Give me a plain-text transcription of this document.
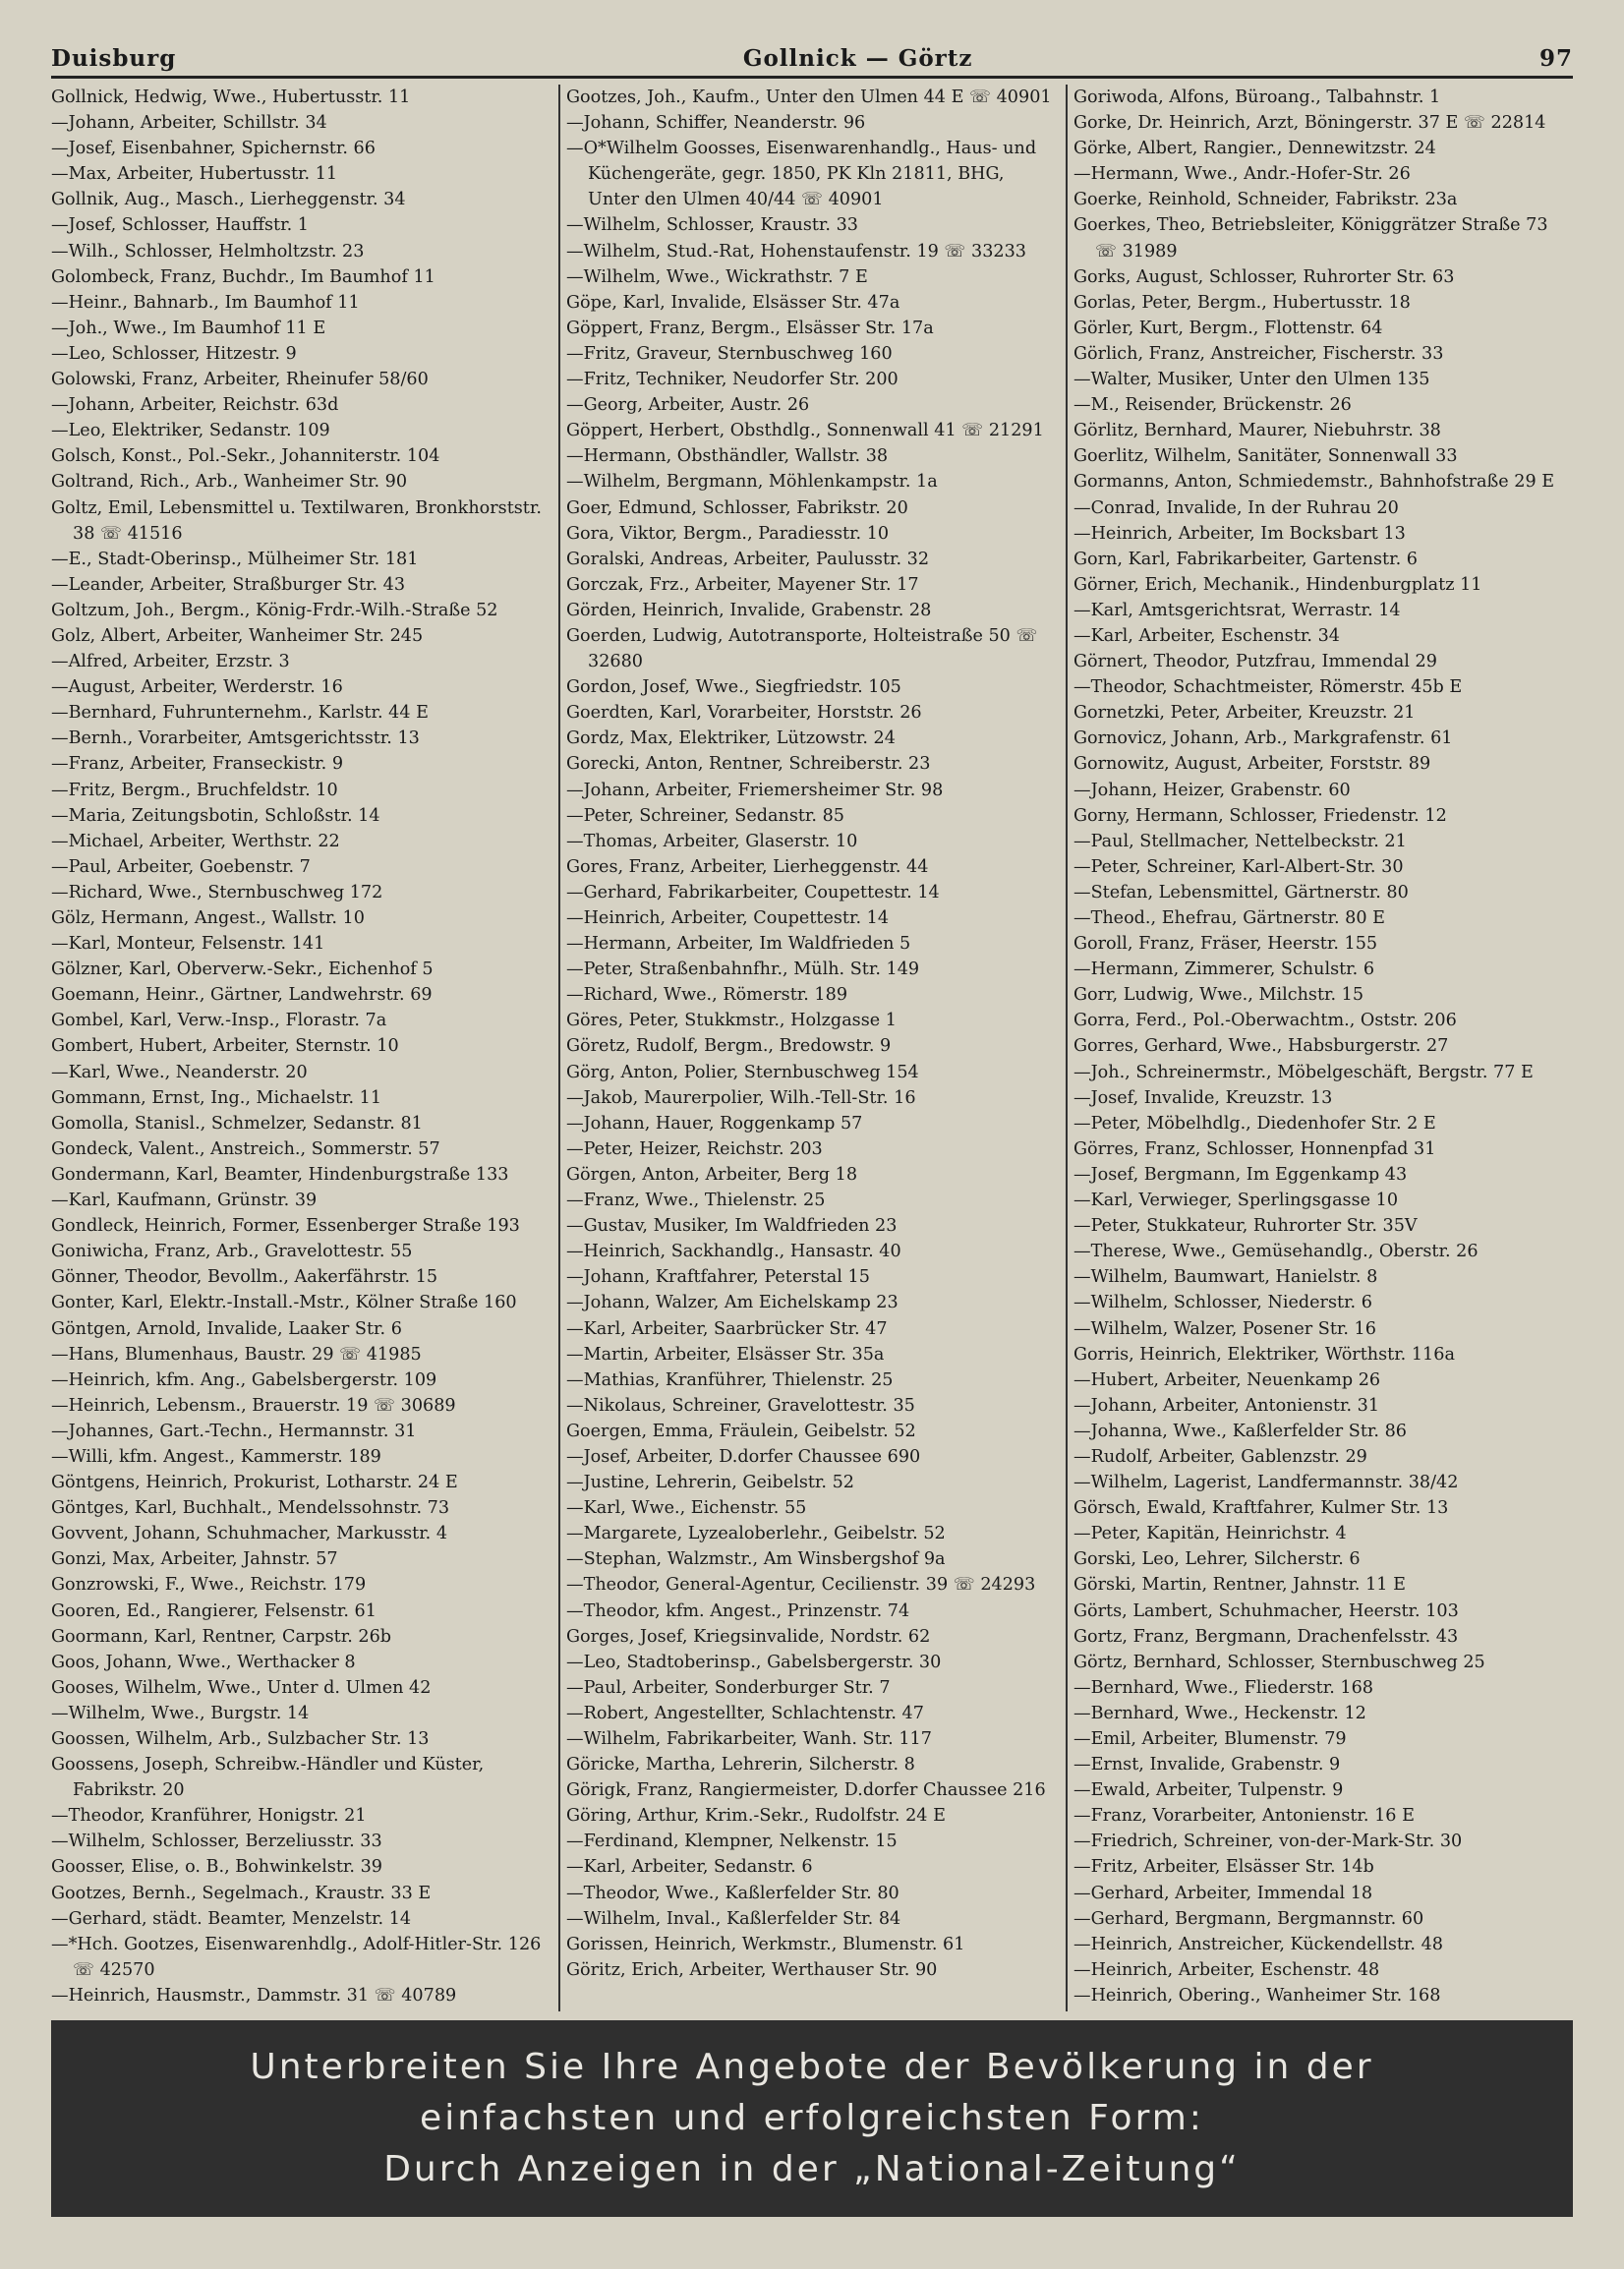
Duisburg	Gollnick — Görtz	97
Gollnick, Hedwig, Wwe., Hubertusstr. 11
—Johann, Arbeiter, Schillstr. 34
—Josef, Eisenbahner, Spichernstr. 66
—Max, Arbeiter, Hubertusstr. 11
Gollnik, Aug., Masch., Lierheggenstr. 34
—Josef, Schlosser, Hauffstr. 1
—Wilh., Schlosser, Helmholtzstr. 23
Golombeck, Franz, Buchdr., Im Baumhof 11
—Heinr., Bahnarb., Im Baumhof 11
—Joh., Wwe., Im Baumhof 11 E
—Leo, Schlosser, Hitzestr. 9
Golowski, Franz, Arbeiter, Rheinufer 58/60
—Johann, Arbeiter, Reichstr. 63d
—Leo, Elektriker, Sedanstr. 109
Golsch, Konst., Pol.-Sekr., Johanniterstr. 104
Goltrand, Rich., Arb., Wanheimer Str. 90
Goltz, Emil, Lebensmittel u. Textilwaren, Bronkhorststr. 38 ☏ 41516
—E., Stadt-Oberinsp., Mülheimer Str. 181
—Leander, Arbeiter, Straßburger Str. 43
Goltzum, Joh., Bergm., König-Frdr.-Wilh.-Straße 52
Golz, Albert, Arbeiter, Wanheimer Str. 245
—Alfred, Arbeiter, Erzstr. 3
—August, Arbeiter, Werderstr. 16
—Bernhard, Fuhrunternehm., Karlstr. 44 E
—Bernh., Vorarbeiter, Amtsgerichtsstr. 13
—Franz, Arbeiter, Franseckistr. 9
—Fritz, Bergm., Bruchfeldstr. 10
—Maria, Zeitungsbotin, Schloßstr. 14
—Michael, Arbeiter, Werthstr. 22
—Paul, Arbeiter, Goebenstr. 7
—Richard, Wwe., Sternbuschweg 172
Gölz, Hermann, Angest., Wallstr. 10
—Karl, Monteur, Felsenstr. 141
Gölzner, Karl, Oberverw.-Sekr., Eichenhof 5
Goemann, Heinr., Gärtner, Landwehrstr. 69
Gombel, Karl, Verw.-Insp., Florastr. 7a
Gombert, Hubert, Arbeiter, Sternstr. 10
—Karl, Wwe., Neanderstr. 20
Gommann, Ernst, Ing., Michaelstr. 11
Gomolla, Stanisl., Schmelzer, Sedanstr. 81
Gondeck, Valent., Anstreich., Sommerstr. 57
Gondermann, Karl, Beamter, Hindenburgstraße 133
—Karl, Kaufmann, Grünstr. 39
Gondleck, Heinrich, Former, Essenberger Straße 193
Goniwicha, Franz, Arb., Gravelottestr. 55
Gönner, Theodor, Bevollm., Aakerfährstr. 15
Gonter, Karl, Elektr.-Install.-Mstr., Kölner Straße 160
Göntgen, Arnold, Invalide, Laaker Str. 6
—Hans, Blumenhaus, Baustr. 29 ☏ 41985
—Heinrich, kfm. Ang., Gabelsbergerstr. 109
—Heinrich, Lebensm., Brauerstr. 19 ☏ 30689
—Johannes, Gart.-Techn., Hermannstr. 31
—Willi, kfm. Angest., Kammerstr. 189
Göntgens, Heinrich, Prokurist, Lotharstr. 24 E
Göntges, Karl, Buchhalt., Mendelssohnstr. 73
Govvent, Johann, Schuhmacher, Markusstr. 4
Gonzi, Max, Arbeiter, Jahnstr. 57
Gonzrowski, F., Wwe., Reichstr. 179
Gooren, Ed., Rangierer, Felsenstr. 61
Goormann, Karl, Rentner, Carpstr. 26b
Goos, Johann, Wwe., Werthacker 8
Gooses, Wilhelm, Wwe., Unter d. Ulmen 42
—Wilhelm, Wwe., Burgstr. 14
Goossen, Wilhelm, Arb., Sulzbacher Str. 13
Goossens, Joseph, Schreibw.-Händler und Küster, Fabrikstr. 20
—Theodor, Kranführer, Honigstr. 21
—Wilhelm, Schlosser, Berzeliusstr. 33
Goosser, Elise, o. B., Bohwinkelstr. 39
Gootzes, Bernh., Segelmach., Kraustr. 33 E
—Gerhard, städt. Beamter, Menzelstr. 14
—*Hch. Gootzes, Eisenwarenhdlg., Adolf-Hitler-Str. 126 ☏ 42570
—Heinrich, Hausmstr., Dammstr. 31 ☏ 40789
Gootzes, Joh., Kaufm., Unter den Ulmen 44 E ☏ 40901
—Johann, Schiffer, Neanderstr. 96
—O*Wilhelm Goosses, Eisenwarenhandlg., Haus- und Küchengeräte, gegr. 1850, PK Kln 21811, BHG, Unter den Ulmen 40/44 ☏ 40901
—Wilhelm, Schlosser, Kraustr. 33
—Wilhelm, Stud.-Rat, Hohenstaufenstr. 19 ☏ 33233
—Wilhelm, Wwe., Wickrathstr. 7 E
Göpe, Karl, Invalide, Elsässer Str. 47a
Göppert, Franz, Bergm., Elsässer Str. 17a
—Fritz, Graveur, Sternbuschweg 160
—Fritz, Techniker, Neudorfer Str. 200
—Georg, Arbeiter, Austr. 26
Göppert, Herbert, Obsthdlg., Sonnenwall 41 ☏ 21291
—Hermann, Obsthändler, Wallstr. 38
—Wilhelm, Bergmann, Möhlenkampstr. 1a
Goer, Edmund, Schlosser, Fabrikstr. 20
Gora, Viktor, Bergm., Paradiesstr. 10
Goralski, Andreas, Arbeiter, Paulusstr. 32
Gorczak, Frz., Arbeiter, Mayener Str. 17
Görden, Heinrich, Invalide, Grabenstr. 28
Goerden, Ludwig, Autotransporte, Holteistraße 50 ☏ 32680
Gordon, Josef, Wwe., Siegfriedstr. 105
Goerdten, Karl, Vorarbeiter, Horststr. 26
Gordz, Max, Elektriker, Lützowstr. 24
Gorecki, Anton, Rentner, Schreiberstr. 23
—Johann, Arbeiter, Friemersheimer Str. 98
—Peter, Schreiner, Sedanstr. 85
—Thomas, Arbeiter, Glaserstr. 10
Gores, Franz, Arbeiter, Lierheggenstr. 44
—Gerhard, Fabrikarbeiter, Coupettestr. 14
—Heinrich, Arbeiter, Coupettestr. 14
—Hermann, Arbeiter, Im Waldfrieden 5
—Peter, Straßenbahnfhr., Mülh. Str. 149
—Richard, Wwe., Römerstr. 189
Göres, Peter, Stukkmstr., Holzgasse 1
Göretz, Rudolf, Bergm., Bredowstr. 9
Görg, Anton, Polier, Sternbuschweg 154
—Jakob, Maurerpolier, Wilh.-Tell-Str. 16
—Johann, Hauer, Roggenkamp 57
—Peter, Heizer, Reichstr. 203
Görgen, Anton, Arbeiter, Berg 18
—Franz, Wwe., Thielenstr. 25
—Gustav, Musiker, Im Waldfrieden 23
—Heinrich, Sackhandlg., Hansastr. 40
—Johann, Kraftfahrer, Peterstal 15
—Johann, Walzer, Am Eichelskamp 23
—Karl, Arbeiter, Saarbrücker Str. 47
—Martin, Arbeiter, Elsässer Str. 35a
—Mathias, Kranführer, Thielenstr. 25
—Nikolaus, Schreiner, Gravelottestr. 35
Goergen, Emma, Fräulein, Geibelstr. 52
—Josef, Arbeiter, D.dorfer Chaussee 690
—Justine, Lehrerin, Geibelstr. 52
—Karl, Wwe., Eichenstr. 55
—Margarete, Lyzealoberlehr., Geibelstr. 52
—Stephan, Walzmstr., Am Winsbergshof 9a
—Theodor, General-Agentur, Cecilienstr. 39 ☏ 24293
—Theodor, kfm. Angest., Prinzenstr. 74
Gorges, Josef, Kriegsinvalide, Nordstr. 62
—Leo, Stadtoberinsp., Gabelsbergerstr. 30
—Paul, Arbeiter, Sonderburger Str. 7
—Robert, Angestellter, Schlachtenstr. 47
—Wilhelm, Fabrikarbeiter, Wanh. Str. 117
Göricke, Martha, Lehrerin, Silcherstr. 8
Görigk, Franz, Rangiermeister, D.dorfer Chaussee 216
Göring, Arthur, Krim.-Sekr., Rudolfstr. 24 E
—Ferdinand, Klempner, Nelkenstr. 15
—Karl, Arbeiter, Sedanstr. 6
—Theodor, Wwe., Kaßlerfelder Str. 80
—Wilhelm, Inval., Kaßlerfelder Str. 84
Gorissen, Heinrich, Werkmstr., Blumenstr. 61
Göritz, Erich, Arbeiter, Werthauser Str. 90
Goriwoda, Alfons, Büroang., Talbahnstr. 1
Gorke, Dr. Heinrich, Arzt, Böningerstr. 37 E ☏ 22814
Görke, Albert, Rangier., Dennewitzstr. 24
—Hermann, Wwe., Andr.-Hofer-Str. 26
Goerke, Reinhold, Schneider, Fabrikstr. 23a
Goerkes, Theo, Betriebsleiter, Königgrätzer Straße 73 ☏ 31989
Gorks, August, Schlosser, Ruhrorter Str. 63
Gorlas, Peter, Bergm., Hubertusstr. 18
Görler, Kurt, Bergm., Flottenstr. 64
Görlich, Franz, Anstreicher, Fischerstr. 33
—Walter, Musiker, Unter den Ulmen 135
—M., Reisender, Brückenstr. 26
Görlitz, Bernhard, Maurer, Niebuhrstr. 38
Goerlitz, Wilhelm, Sanitäter, Sonnenwall 33
Gormanns, Anton, Schmiedemstr., Bahnhofstraße 29 E
—Conrad, Invalide, In der Ruhrau 20
—Heinrich, Arbeiter, Im Bocksbart 13
Gorn, Karl, Fabrikarbeiter, Gartenstr. 6
Görner, Erich, Mechanik., Hindenburgplatz 11
—Karl, Amtsgerichtsrat, Werrastr. 14
—Karl, Arbeiter, Eschenstr. 34
Görnert, Theodor, Putzfrau, Immendal 29
—Theodor, Schachtmeister, Römerstr. 45b E
Gornetzki, Peter, Arbeiter, Kreuzstr. 21
Gornovicz, Johann, Arb., Markgrafenstr. 61
Gornowitz, August, Arbeiter, Forststr. 89
—Johann, Heizer, Grabenstr. 60
Gorny, Hermann, Schlosser, Friedenstr. 12
—Paul, Stellmacher, Nettelbeckstr. 21
—Peter, Schreiner, Karl-Albert-Str. 30
—Stefan, Lebensmittel, Gärtnerstr. 80
—Theod., Ehefrau, Gärtnerstr. 80 E
Goroll, Franz, Fräser, Heerstr. 155
—Hermann, Zimmerer, Schulstr. 6
Gorr, Ludwig, Wwe., Milchstr. 15
Gorra, Ferd., Pol.-Oberwachtm., Oststr. 206
Gorres, Gerhard, Wwe., Habsburgerstr. 27
—Joh., Schreinermstr., Möbelgeschäft, Bergstr. 77 E
—Josef, Invalide, Kreuzstr. 13
—Peter, Möbelhdlg., Diedenhofer Str. 2 E
Görres, Franz, Schlosser, Honnenpfad 31
—Josef, Bergmann, Im Eggenkamp 43
—Karl, Verwieger, Sperlingsgasse 10
—Peter, Stukkateur, Ruhrorter Str. 35V
—Therese, Wwe., Gemüsehandlg., Oberstr. 26
—Wilhelm, Baumwart, Hanielstr. 8
—Wilhelm, Schlosser, Niederstr. 6
—Wilhelm, Walzer, Posener Str. 16
Gorris, Heinrich, Elektriker, Wörthstr. 116a
—Hubert, Arbeiter, Neuenkamp 26
—Johann, Arbeiter, Antonienstr. 31
—Johanna, Wwe., Kaßlerfelder Str. 86
—Rudolf, Arbeiter, Gablenzstr. 29
—Wilhelm, Lagerist, Landfermannstr. 38/42
Görsch, Ewald, Kraftfahrer, Kulmer Str. 13
—Peter, Kapitän, Heinrichstr. 4
Gorski, Leo, Lehrer, Silcherstr. 6
Görski, Martin, Rentner, Jahnstr. 11 E
Görts, Lambert, Schuhmacher, Heerstr. 103
Gortz, Franz, Bergmann, Drachenfelsstr. 43
Görtz, Bernhard, Schlosser, Sternbuschweg 25
—Bernhard, Wwe., Fliederstr. 168
—Bernhard, Wwe., Heckenstr. 12
—Emil, Arbeiter, Blumenstr. 79
—Ernst, Invalide, Grabenstr. 9
—Ewald, Arbeiter, Tulpenstr. 9
—Franz, Vorarbeiter, Antonienstr. 16 E
—Friedrich, Schreiner, von-der-Mark-Str. 30
—Fritz, Arbeiter, Elsässer Str. 14b
—Gerhard, Arbeiter, Immendal 18
—Gerhard, Bergmann, Bergmannstr. 60
—Heinrich, Anstreicher, Kückendellstr. 48
—Heinrich, Arbeiter, Eschenstr. 48
—Heinrich, Obering., Wanheimer Str. 168
Unterbreiten Sie Ihre Angebote der Bevölkerung in der
einfachsten und erfolgreichsten Form:
Durch Anzeigen in der „National-Zeitung“
